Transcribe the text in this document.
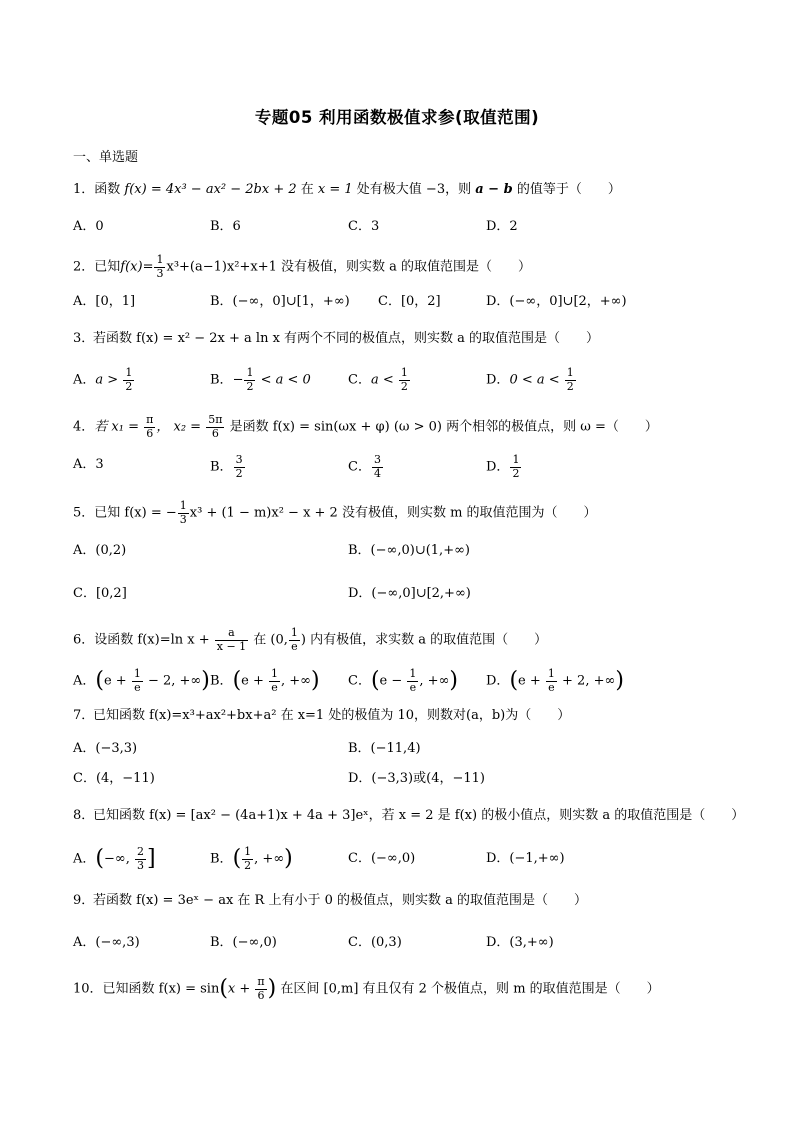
专题05 利用函数极值求参(取值范围)
一、单选题
1．函数 f(x) = 4x³ − ax² − 2bx + 2 在 x = 1 处有极大值 −3，则 a − b 的值等于（　　）
A．0	B．6	C．3	D．2
2．已知$f(x)= \frac{1}{3} x^3+(a-1)x^2+x+1$ 没有极值，则实数 a 的取值范围是（　　）
A．[0，1]	B．(−∞，0]∪[1，+∞) C．[0，2]	D．(−∞，0]∪[2，+∞)
3．
若函数 f(x) = x² − 2x + a ln x 有两个不同的极值点，则实数 a 的取值范围是（　　）
A．$a > \frac{1}{2}$	B．− $\frac{1}{2} < a < 0$	C．$a < \frac{1}{2}$	D．$0 < a < \frac{1}{2}$
4．若 $x_1 = \frac{\pi}{6}$ ， $x_2 = \frac{5\pi}{6}$ 是函数 f(x) = sin(ωx + φ) (ω > 0) 两个相邻的极值点，则 ω =（　　）
A．3	B． $\frac{3}{2}$	C． $\frac{3}{4}$	D． $\frac{1}{2}$
5．已知 f(x) = − $\frac{1}{3} x^3 + (1 - m)x^2 - x + 2$ 没有极值，则实数 m 的取值范围为（　　）
A．(0,2)	B．(−∞,0)∪(1,+∞)
C．[0,2]	D．(−∞,0]∪[2,+∞)
6．设函数 f(x)=ln $x + \frac{a}{x - 1}$ 在 (0, $\frac{1}{e}$ ) 内有极值，求实数 a 的取值范围（　　）
A．($e + \frac{1}{e} - 2$, +∞) B．($e + \frac{1}{e}$ , +∞) C．($e - \frac{1}{e}$ , +∞) D．($e + \frac{1}{e} + 2$, +∞)
7．
已知函数 f(x)=x³+ax²+bx+a² 在 x=1 处的极值为 10，则数对(a，b)为（　　）
A．(−3,3)	B．(−11,4)
C．(4，−11)	D．(−3,3)或(4，−11)
8．
已知函数 f(x) = [ax² − (4a+1)x + 4a + 3]eˣ，若 x = 2 是 f(x) 的极小值点，则实数 a 的取值范围是（　　）
A．(−∞, $\frac{2}{3}$ ]	B．( $\frac{1}{2}$ , +∞)	C．(−∞,0)	D．(−1,+∞)
9．
若函数 f(x) = 3eˣ − ax 在 R 上有小于 0 的极值点，则实数 a 的取值范围是（　　）
A．(−∞,3)	B．(−∞,0)	C．(0,3)	D．(3,+∞)
10．已知函数 $f(x) = \sin(x + \frac{\pi}{6}$ ) 在区间 [0,m] 有且仅有 2 个极值点，则 m 的取值范围是（　　）
